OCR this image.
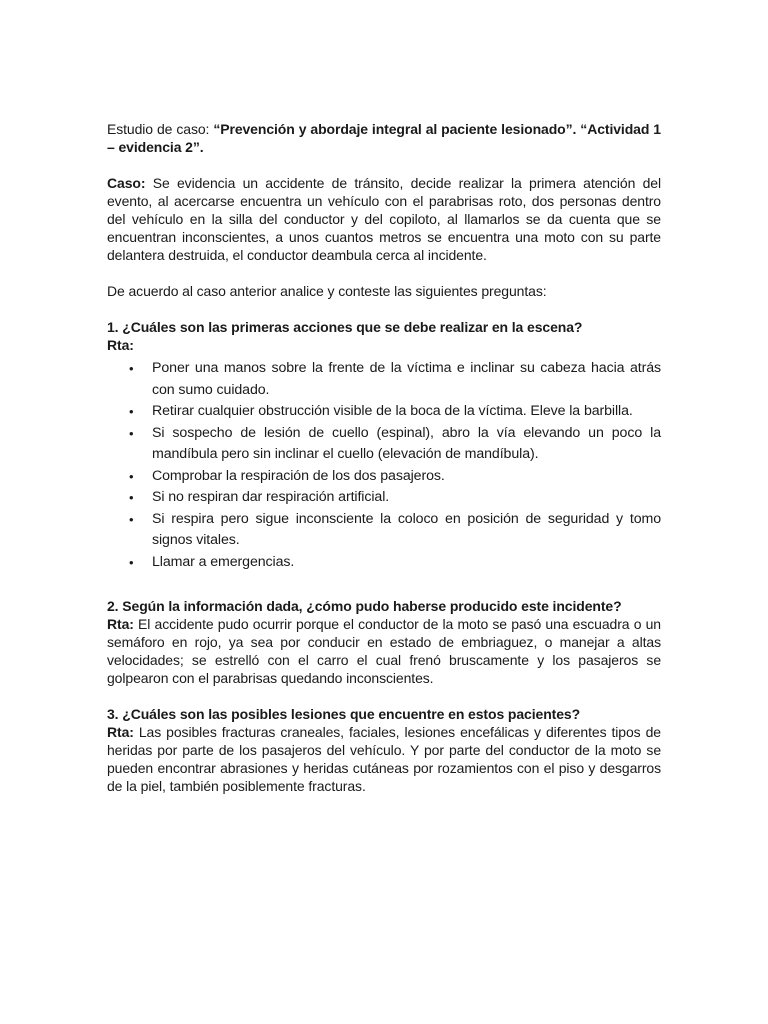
Estudio de caso: “Prevención y abordaje integral al paciente lesionado”. “Actividad 1 – evidencia 2”.

Caso: Se evidencia un accidente de tránsito, decide realizar la primera atención del evento, al acercarse encuentra un vehículo con el parabrisas roto, dos personas dentro del vehículo en la silla del conductor y del copiloto, al llamarlos se da cuenta que se encuentran inconscientes, a unos cuantos metros se encuentra una moto con su parte delantera destruida, el conductor deambula cerca al incidente.

De acuerdo al caso anterior analice y conteste las siguientes preguntas:

1. ¿Cuáles son las primeras acciones que se debe realizar en la escena?
Rta:
• Poner una manos sobre la frente de la víctima e inclinar su cabeza hacia atrás con sumo cuidado.
• Retirar cualquier obstrucción visible de la boca de la víctima. Eleve la barbilla.
• Si sospecho de lesión de cuello (espinal), abro la vía elevando un poco la mandíbula pero sin inclinar el cuello (elevación de mandíbula).
• Comprobar la respiración de los dos pasajeros.
• Si no respiran dar respiración artificial.
• Si respira pero sigue inconsciente la coloco en posición de seguridad y tomo signos vitales.
• Llamar a emergencias.
2. Según la información dada, ¿cómo pudo haberse producido este incidente?

Rta: El accidente pudo ocurrir porque el conductor de la moto se pasó una escuadra o un semáforo en rojo, ya sea por conducir en estado de embriaguez, o manejar a altas velocidades; se estrelló con el carro el cual frenó bruscamente y los pasajeros se golpearon con el parabrisas quedando inconscientes.

3. ¿Cuáles son las posibles lesiones que encuentre en estos pacientes?

Rta: Las posibles fracturas craneales, faciales, lesiones encefálicas y diferentes tipos de heridas por parte de los pasajeros del vehículo. Y por parte del conductor de la moto se pueden encontrar abrasiones y heridas cutáneas por rozamientos con el piso y desgarros de la piel, también posiblemente fracturas.
